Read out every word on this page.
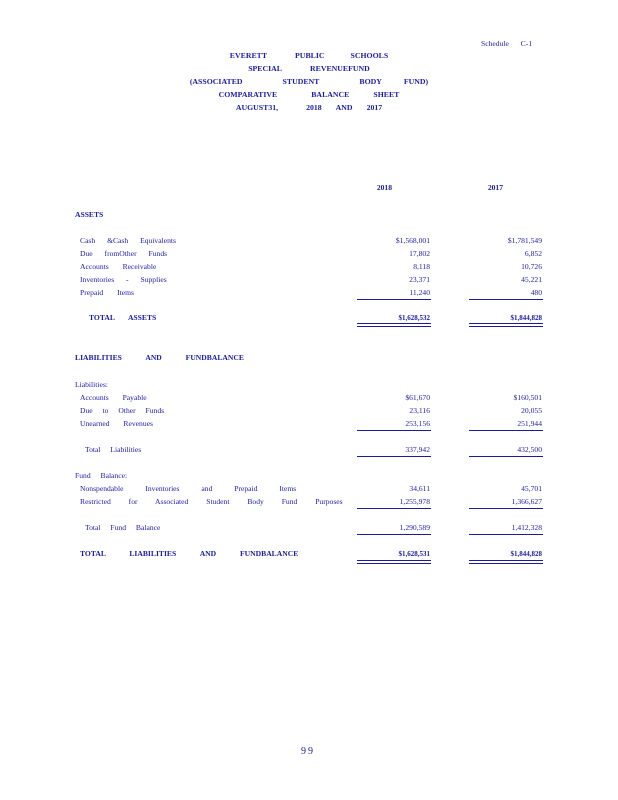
Schedule C-1
EVERETT	PUBLIC	SCHOOLS
SPECIAL	REVENUEFUND
(ASSOCIATED	STUDENT	BODY	FUND)
COMPARATIVE	BALANCE	SHEET
AUGUST31,	2018 AND 2017
2018	2017
ASSETS
Cash &Cash Equivalents	$1,568,001	$1,781,549
Due fromOther Funds	17,802	6,852
Accounts Receivable	8,118	10,726
Inventories - Supplies	23,371	45,221
Prepaid Items	11,240	480
TOTAL ASSETS	$1,628,532	$1,844,828
LIABILITIES AND FUNDBALANCE
Liabilities:
Accounts Payable	$61,670	$160,501
Due to Other Funds	23,116	20,055
Unearned Revenues	253,156	251,944
Total Liabilities	337,942	432,500
Fund Balance:
Nonspendable Inventories and Prepaid Items	34,611	45,701
Restricted for Associated Student Body Fund Purposes	1,255,978	1,366,627
Total Fund Balance	1,290,589	1,412,328
TOTAL LIABILITIES AND FUNDBALANCE	$1,628,531	$1,844,828
99
